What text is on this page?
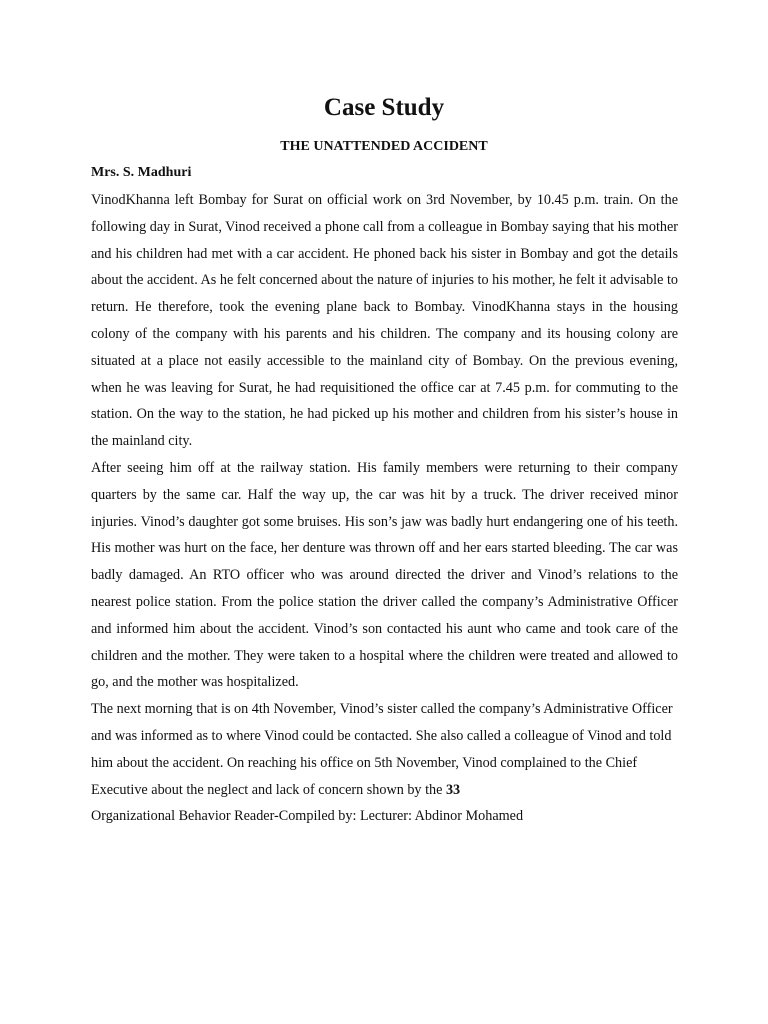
Case Study
THE UNATTENDED ACCIDENT
Mrs. S. Madhuri

VinodKhanna left Bombay for Surat on official work on 3rd November, by 10.45 p.m. train. On the following day in Surat, Vinod received a phone call from a colleague in Bombay saying that his mother and his children had met with a car accident. He phoned back his sister in Bombay and got the details about the accident. As he felt concerned about the nature of injuries to his mother, he felt it advisable to return. He therefore, took the evening plane back to Bombay. VinodKhanna stays in the housing colony of the company with his parents and his children. The company and its housing colony are situated at a place not easily accessible to the mainland city of Bombay. On the previous evening, when he was leaving for Surat, he had requisitioned the office car at 7.45 p.m. for commuting to the station. On the way to the station, he had picked up his mother and children from his sister’s house in the mainland city.

After seeing him off at the railway station. His family members were returning to their company quarters by the same car. Half the way up, the car was hit by a truck. The driver received minor injuries. Vinod’s daughter got some bruises. His son’s jaw was badly hurt endangering one of his teeth. His mother was hurt on the face, her denture was thrown off and her ears started bleeding. The car was badly damaged. An RTO officer who was around directed the driver and Vinod’s relations to the nearest police station. From the police station the driver called the company’s Administrative Officer and informed him about the accident. Vinod’s son contacted his aunt who came and took care of the children and the mother. They were taken to a hospital where the children were treated and allowed to go, and the mother was hospitalized.

The next morning that is on 4th November, Vinod’s sister called the company’s Administrative Officer and was informed as to where Vinod could be contacted. She also called a colleague of Vinod and told him about the accident. On reaching his office on 5th November, Vinod complained to the Chief Executive about the neglect and lack of concern shown by the 33
Organizational Behavior Reader-Compiled by: Lecturer: Abdinor Mohamed
